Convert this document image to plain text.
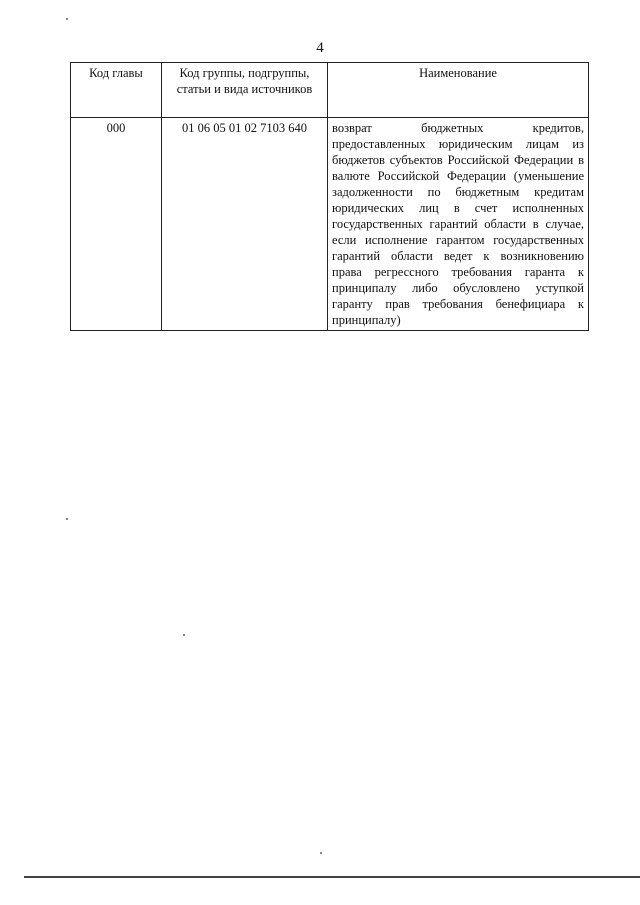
4
Код главы	Код группы, подгруппы, статьи и вида источников	Наименование
000	01 06 05 01 02 7103 640	возврат бюджетных кредитов, предоставленных юридическим лицам из бюджетов субъектов Российской Федерации в валюте Российской Федерации (уменьшение задолженности по бюджетным кредитам юридических лиц в счет исполненных государственных гарантий области в случае, если исполнение гарантом государственных гарантий области ведет к возникновению права регрессного требования гаранта к принципалу либо обусловлено уступкой гаранту прав требования бенефициара к принципалу)
